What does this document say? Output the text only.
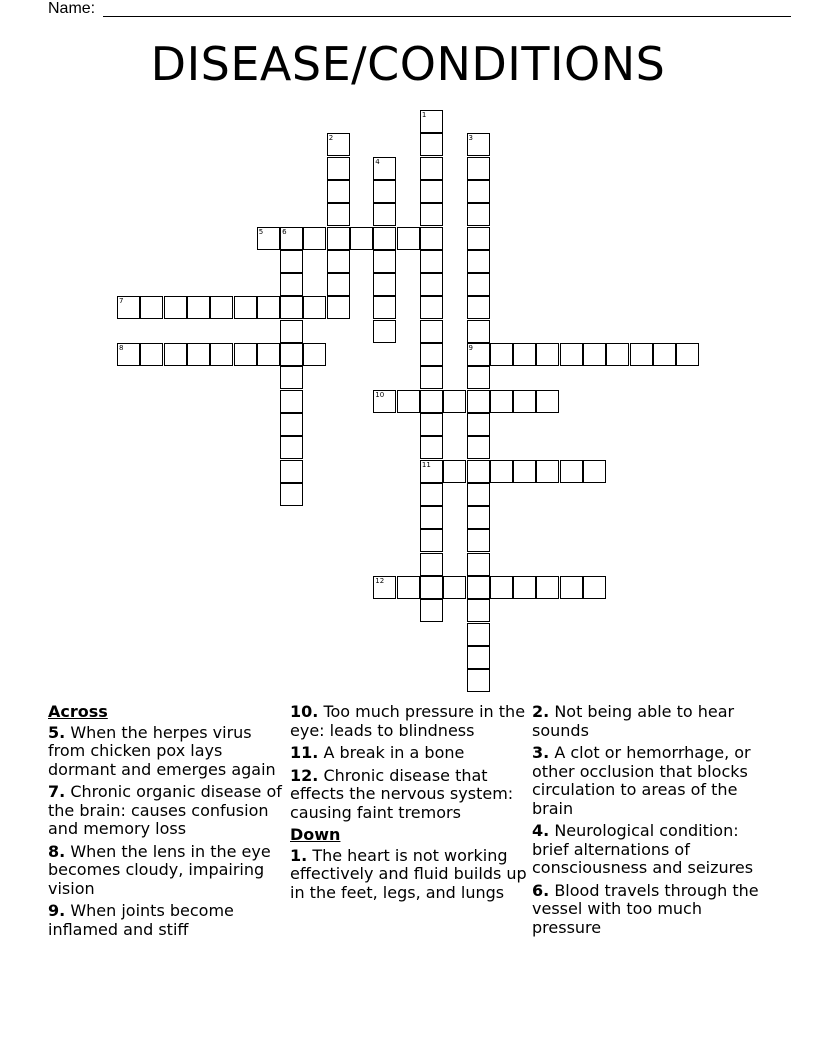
Name:
DISEASE/CONDITIONS
1
2	3
4
5	6
7
8	9
10
11
12
Across
5. When the herpes virus from chicken pox lays dormant and emerges again
7. Chronic organic disease of the brain: causes confusion and memory loss
8. When the lens in the eye becomes cloudy, impairing vision
9. When joints become inflamed and stiff
10. Too much pressure in the eye: leads to blindness
11. A break in a bone
12. Chronic disease that effects the nervous system: causing faint tremors
Down
1. The heart is not working effectively and fluid builds up in the feet, legs, and lungs
2. Not being able to hear sounds
3. A clot or hemorrhage, or other occlusion that blocks circulation to areas of the brain
4. Neurological condition: brief alternations of consciousness and seizures
6. Blood travels through the vessel with too much pressure
